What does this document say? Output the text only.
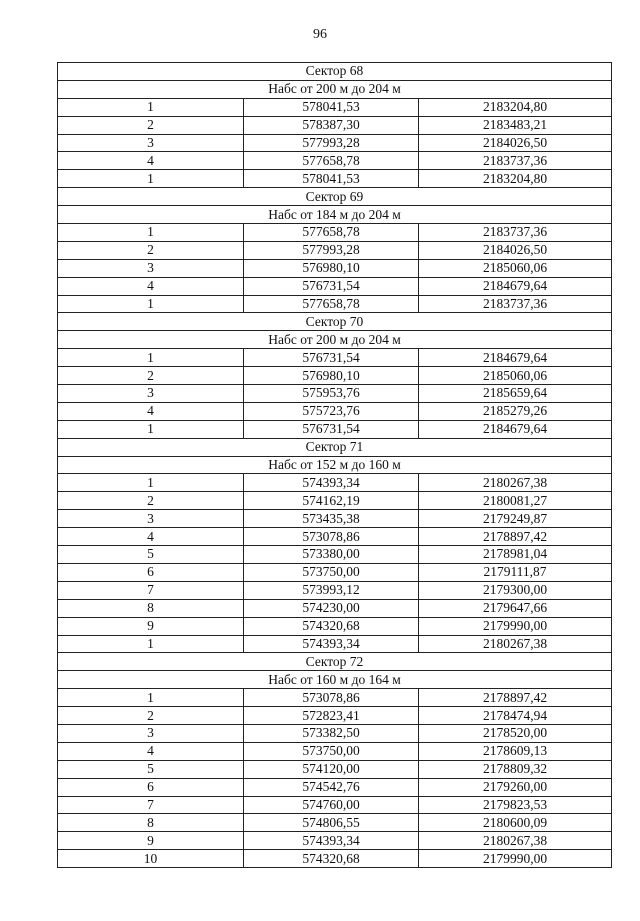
96
Сектор 68		
Набс от 200 м до 204 м		
1	578041,53	2183204,80
2	578387,30	2183483,21
3	577993,28	2184026,50
4	577658,78	2183737,36
1	578041,53	2183204,80
Сектор 69		
Набс от 184 м до 204 м		
1	577658,78	2183737,36
2	577993,28	2184026,50
3	576980,10	2185060,06
4	576731,54	2184679,64
1	577658,78	2183737,36
Сектор 70		
Набс от 200 м до 204 м		
1	576731,54	2184679,64
2	576980,10	2185060,06
3	575953,76	2185659,64
4	575723,76	2185279,26
1	576731,54	2184679,64
Сектор 71		
Набс от 152 м до 160 м		
1	574393,34	2180267,38
2	574162,19	2180081,27
3	573435,38	2179249,87
4	573078,86	2178897,42
5	573380,00	2178981,04
6	573750,00	2179111,87
7	573993,12	2179300,00
8	574230,00	2179647,66
9	574320,68	2179990,00
1	574393,34	2180267,38
Сектор 72		
Набс от 160 м до 164 м		
1	573078,86	2178897,42
2	572823,41	2178474,94
3	573382,50	2178520,00
4	573750,00	2178609,13
5	574120,00	2178809,32
6	574542,76	2179260,00
7	574760,00	2179823,53
8	574806,55	2180600,09
9	574393,34	2180267,38
10	574320,68	2179990,00
